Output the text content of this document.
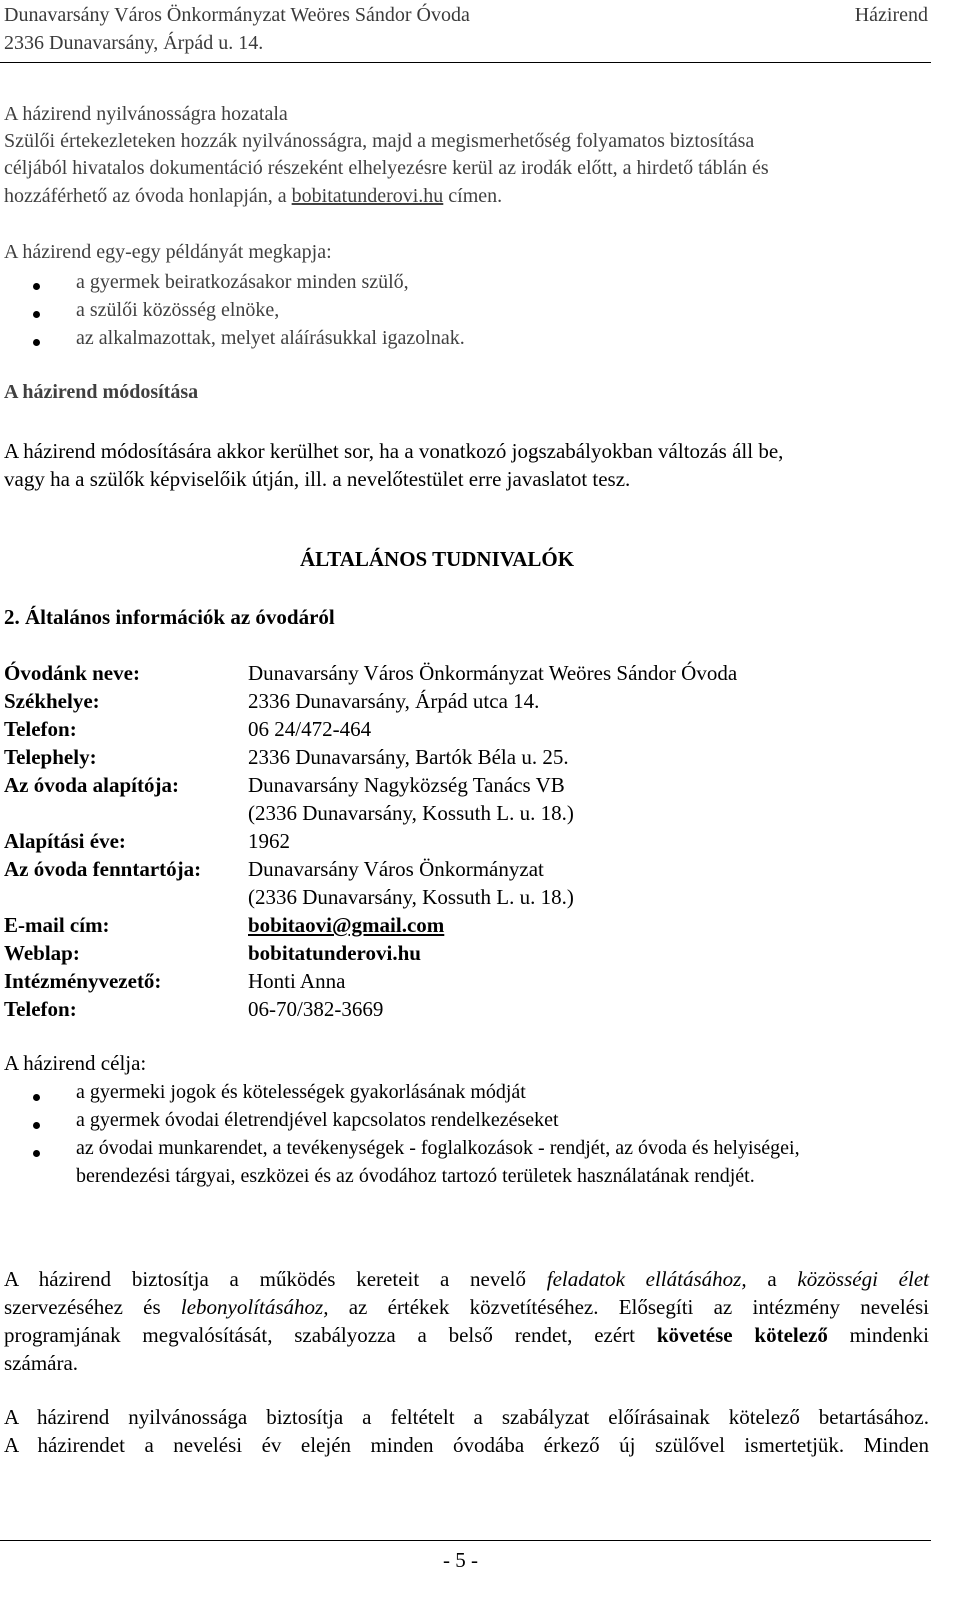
Dunavarsány Város Önkormányzat Weöres Sándor Óvoda
2336 Dunavarsány, Árpád u. 14.
Házirend
A házirend nyilvánosságra hozatala
Szülői értekezleteken hozzák nyilvánosságra, majd a megismerhetőség folyamatos biztosítása
céljából hivatalos dokumentáció részeként elhelyezésre kerül az irodák előtt, a hirdető táblán és
hozzáférhető az óvoda honlapján, a bobitatunderovi.hu címen.
A házirend egy-egy példányát megkapja:
a gyermek beiratkozásakor minden szülő,
a szülői közösség elnöke,
az alkalmazottak, melyet aláírásukkal igazolnak.
A házirend módosítása
A házirend módosítására akkor kerülhet sor, ha a vonatkozó jogszabályokban változás áll be,
vagy ha a szülők képviselőik útján, ill. a nevelőtestület erre javaslatot tesz.
ÁLTALÁNOS TUDNIVALÓK
2. Általános információk az óvodáról
Óvodánk neve:	Dunavarsány Város Önkormányzat Weöres Sándor Óvoda
Székhelye:	2336 Dunavarsány, Árpád utca 14.
Telefon:	06 24/472-464
Telephely:	2336 Dunavarsány, Bartók Béla u. 25.
Az óvoda alapítója:	Dunavarsány Nagyközség Tanács VB
(2336 Dunavarsány, Kossuth L. u. 18.)
Alapítási éve:	1962
Az óvoda fenntartója: Dunavarsány Város Önkormányzat
(2336 Dunavarsány, Kossuth L. u. 18.)
E-mail cím:	bobitaovi@gmail.com
Weblap:	bobitatunderovi.hu
Intézményvezető:	Honti Anna
Telefon:	06-70/382-3669
A házirend célja:
a gyermeki jogok és kötelességek gyakorlásának módját
a gyermek óvodai életrendjével kapcsolatos rendelkezéseket
az óvodai munkarendet, a tevékenységek - foglalkozások - rendjét, az óvoda és helyiségei,
berendezési tárgyai, eszközei és az óvodához tartozó területek használatának rendjét.
A házirend biztosítja a működés kereteit a nevelő feladatok ellátásához, a közösségi élet
szervezéséhez és lebonyolításához, az értékek közvetítéséhez. Elősegíti az intézmény nevelési
programjának megvalósítását, szabályozza a belső rendet, ezért követése kötelező mindenki
számára.
A házirend nyilvánossága biztosítja a feltételt a szabályzat előírásainak kötelező betartásához.
A házirendet a nevelési év elején minden óvodába érkező új szülővel ismertetjük. Minden
- 5 -
